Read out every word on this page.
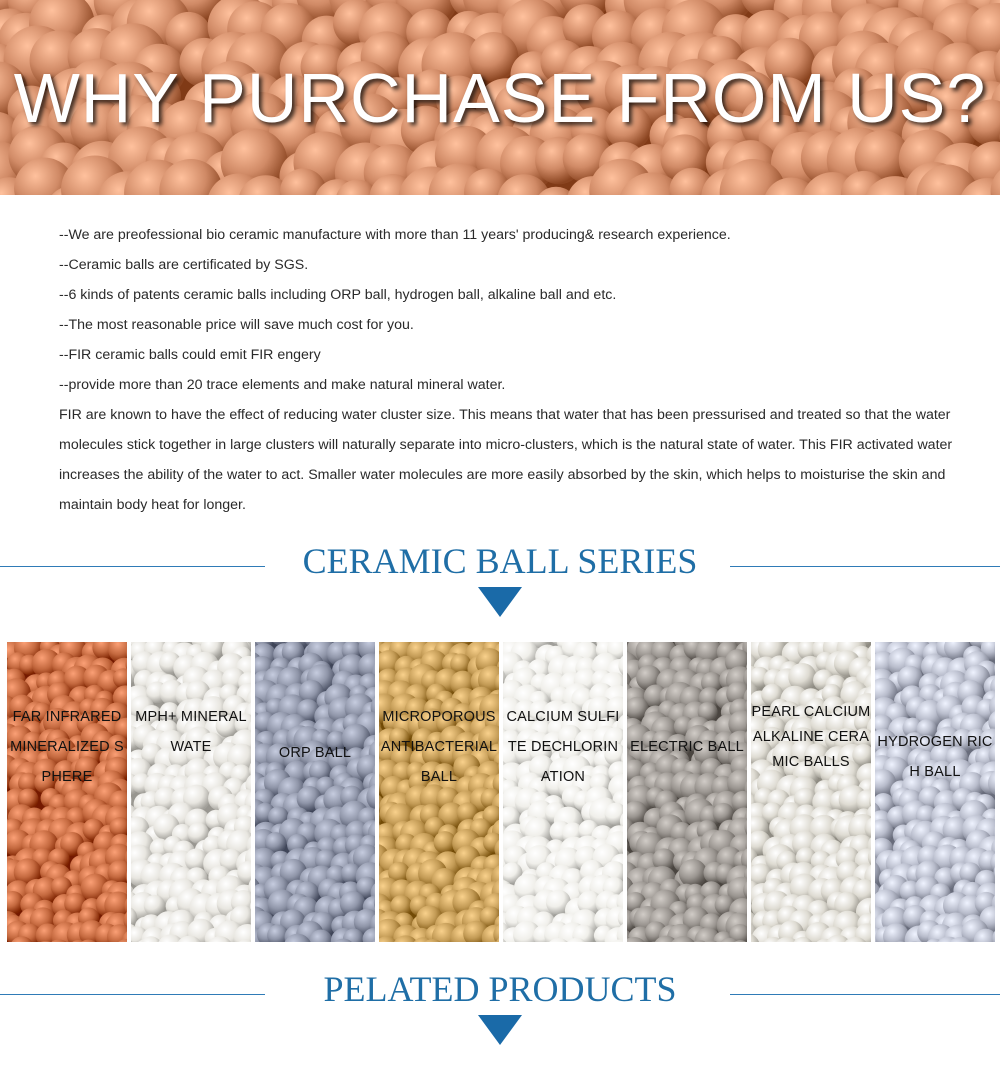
WHY PURCHASE FROM US?

--We are preofessional bio ceramic manufacture with more than 11 years' producing& research experience.

--Ceramic balls are certificated by SGS.

--6 kinds of patents ceramic balls including ORP ball, hydrogen ball, alkaline ball and etc.

--The most reasonable price will save much cost for you.

--FIR ceramic balls could emit FIR engery

--provide more than 20 trace elements and make natural mineral water.

FIR are known to have the effect of reducing water cluster size. This means that water that has been pressurised and treated so that the water molecules stick together in large clusters will naturally separate into micro-clusters, which is the natural state of water. This FIR activated water increases the ability of the water to act. Smaller water molecules are more easily absorbed by the skin, which helps to moisturise the skin and maintain body heat for longer.

CERAMIC BALL SERIES
FAR INFRARED MINERALIZED SPHERE
MPH+ MINERAL WATE	ORP BALL
MICROPOROUS ANTIBACTERIAL BALL
CALCIUM SULFITE DECHLORINATION
ELECTRIC BALL
PEARL CALCIUM ALKALINE CERAMIC BALLS
HYDROGEN RICH BALL
PELATED PRODUCTS
